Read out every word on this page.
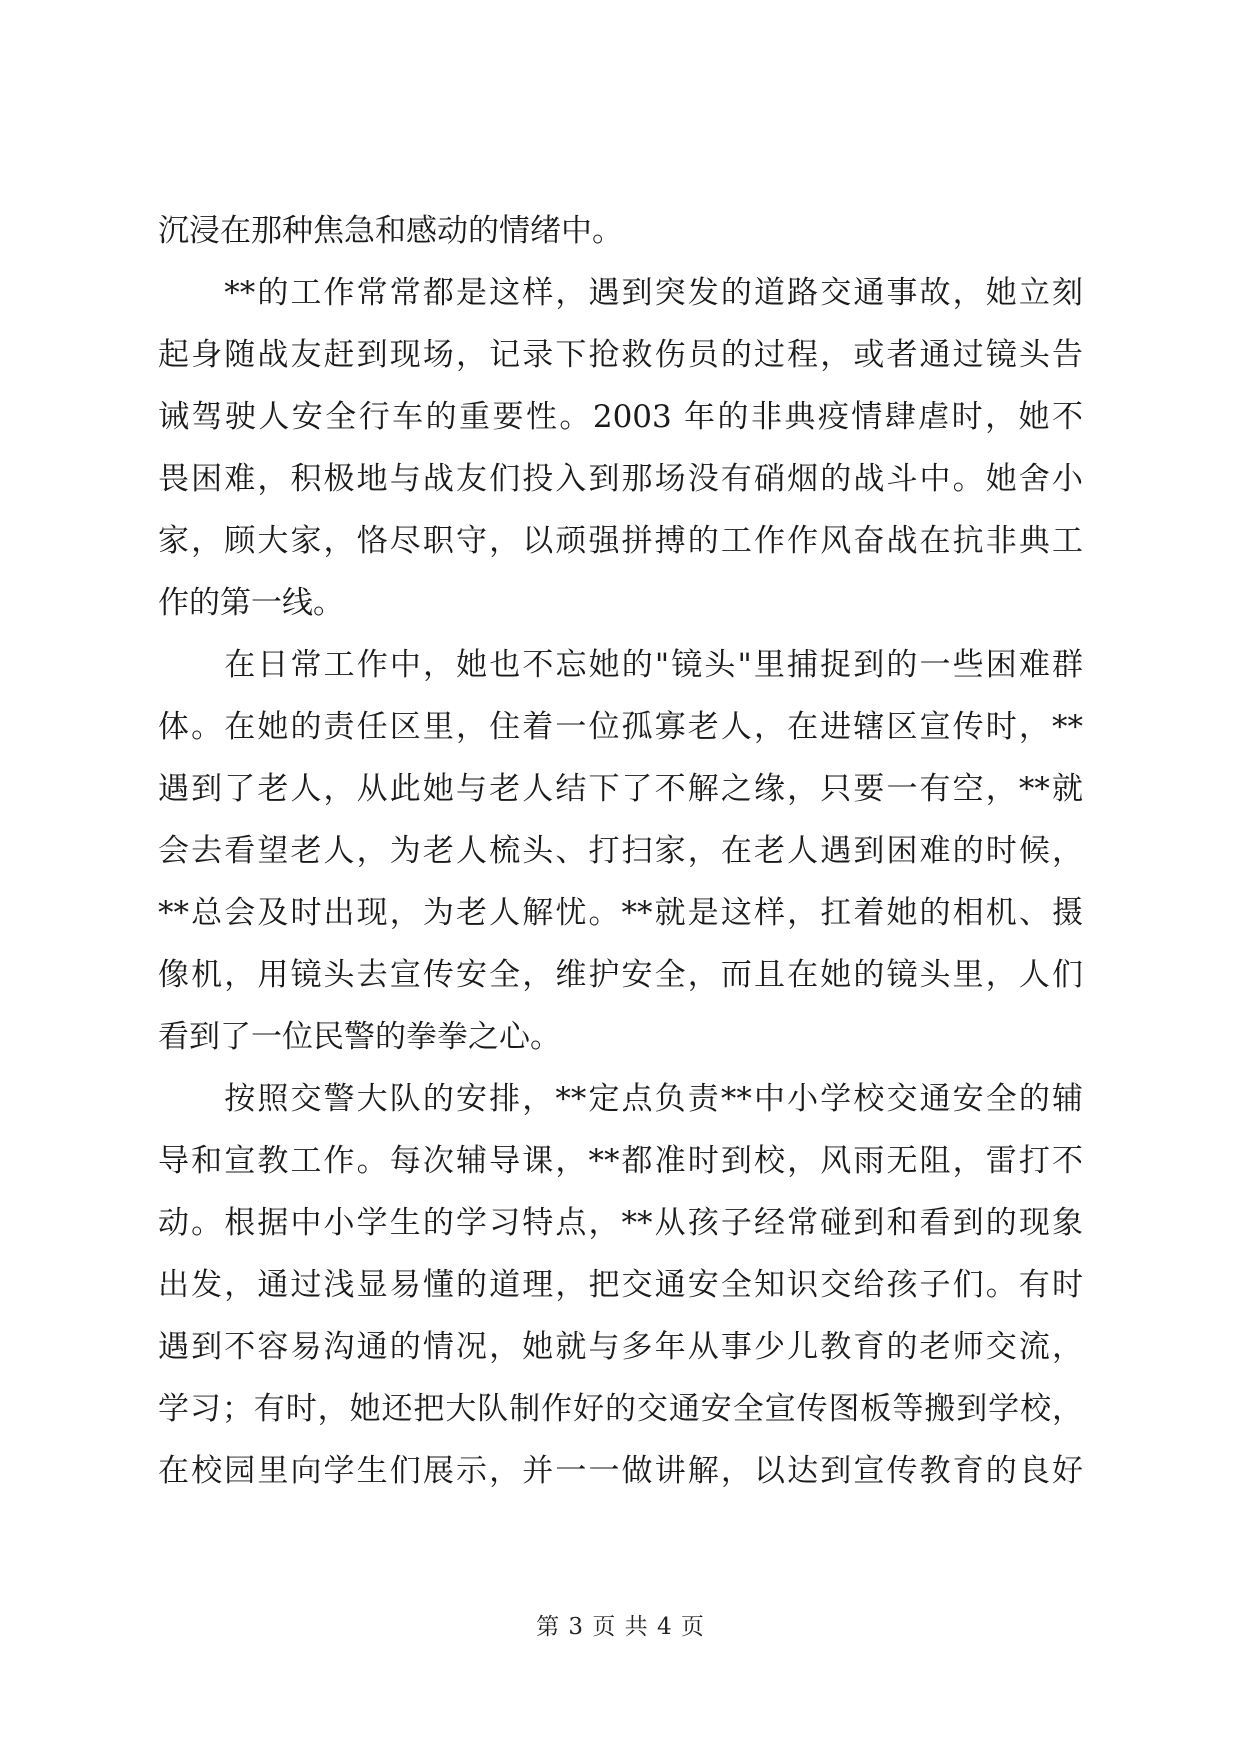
沉浸在那种焦急和感动的情绪中。
　　**的工作常常都是这样，遇到突发的道路交通事故，她立刻
起身随战友赶到现场，记录下抢救伤员的过程，或者通过镜头告
诫驾驶人安全行车的重要性。2003 年的非典疫情肆虐时，她不
畏困难，积极地与战友们投入到那场没有硝烟的战斗中。她舍小
家，顾大家，恪尽职守，以顽强拼搏的工作作风奋战在抗非典工
作的第一线。
　　在日常工作中，她也不忘她的"镜头"里捕捉到的一些困难群
体。在她的责任区里，住着一位孤寡老人，在进辖区宣传时，**
遇到了老人，从此她与老人结下了不解之缘，只要一有空，**就
会去看望老人，为老人梳头、打扫家，在老人遇到困难的时候，
**总会及时出现，为老人解忧。**就是这样，扛着她的相机、摄
像机，用镜头去宣传安全，维护安全，而且在她的镜头里，人们
看到了一位民警的拳拳之心。
　　按照交警大队的安排，**定点负责**中小学校交通安全的辅
导和宣教工作。每次辅导课，**都准时到校，风雨无阻，雷打不
动。根据中小学生的学习特点，**从孩子经常碰到和看到的现象
出发，通过浅显易懂的道理，把交通安全知识交给孩子们。有时
遇到不容易沟通的情况，她就与多年从事少儿教育的老师交流，
学习；有时，她还把大队制作好的交通安全宣传图板等搬到学校，
在校园里向学生们展示，并一一做讲解，以达到宣传教育的良好
第 3 页 共 4 页
